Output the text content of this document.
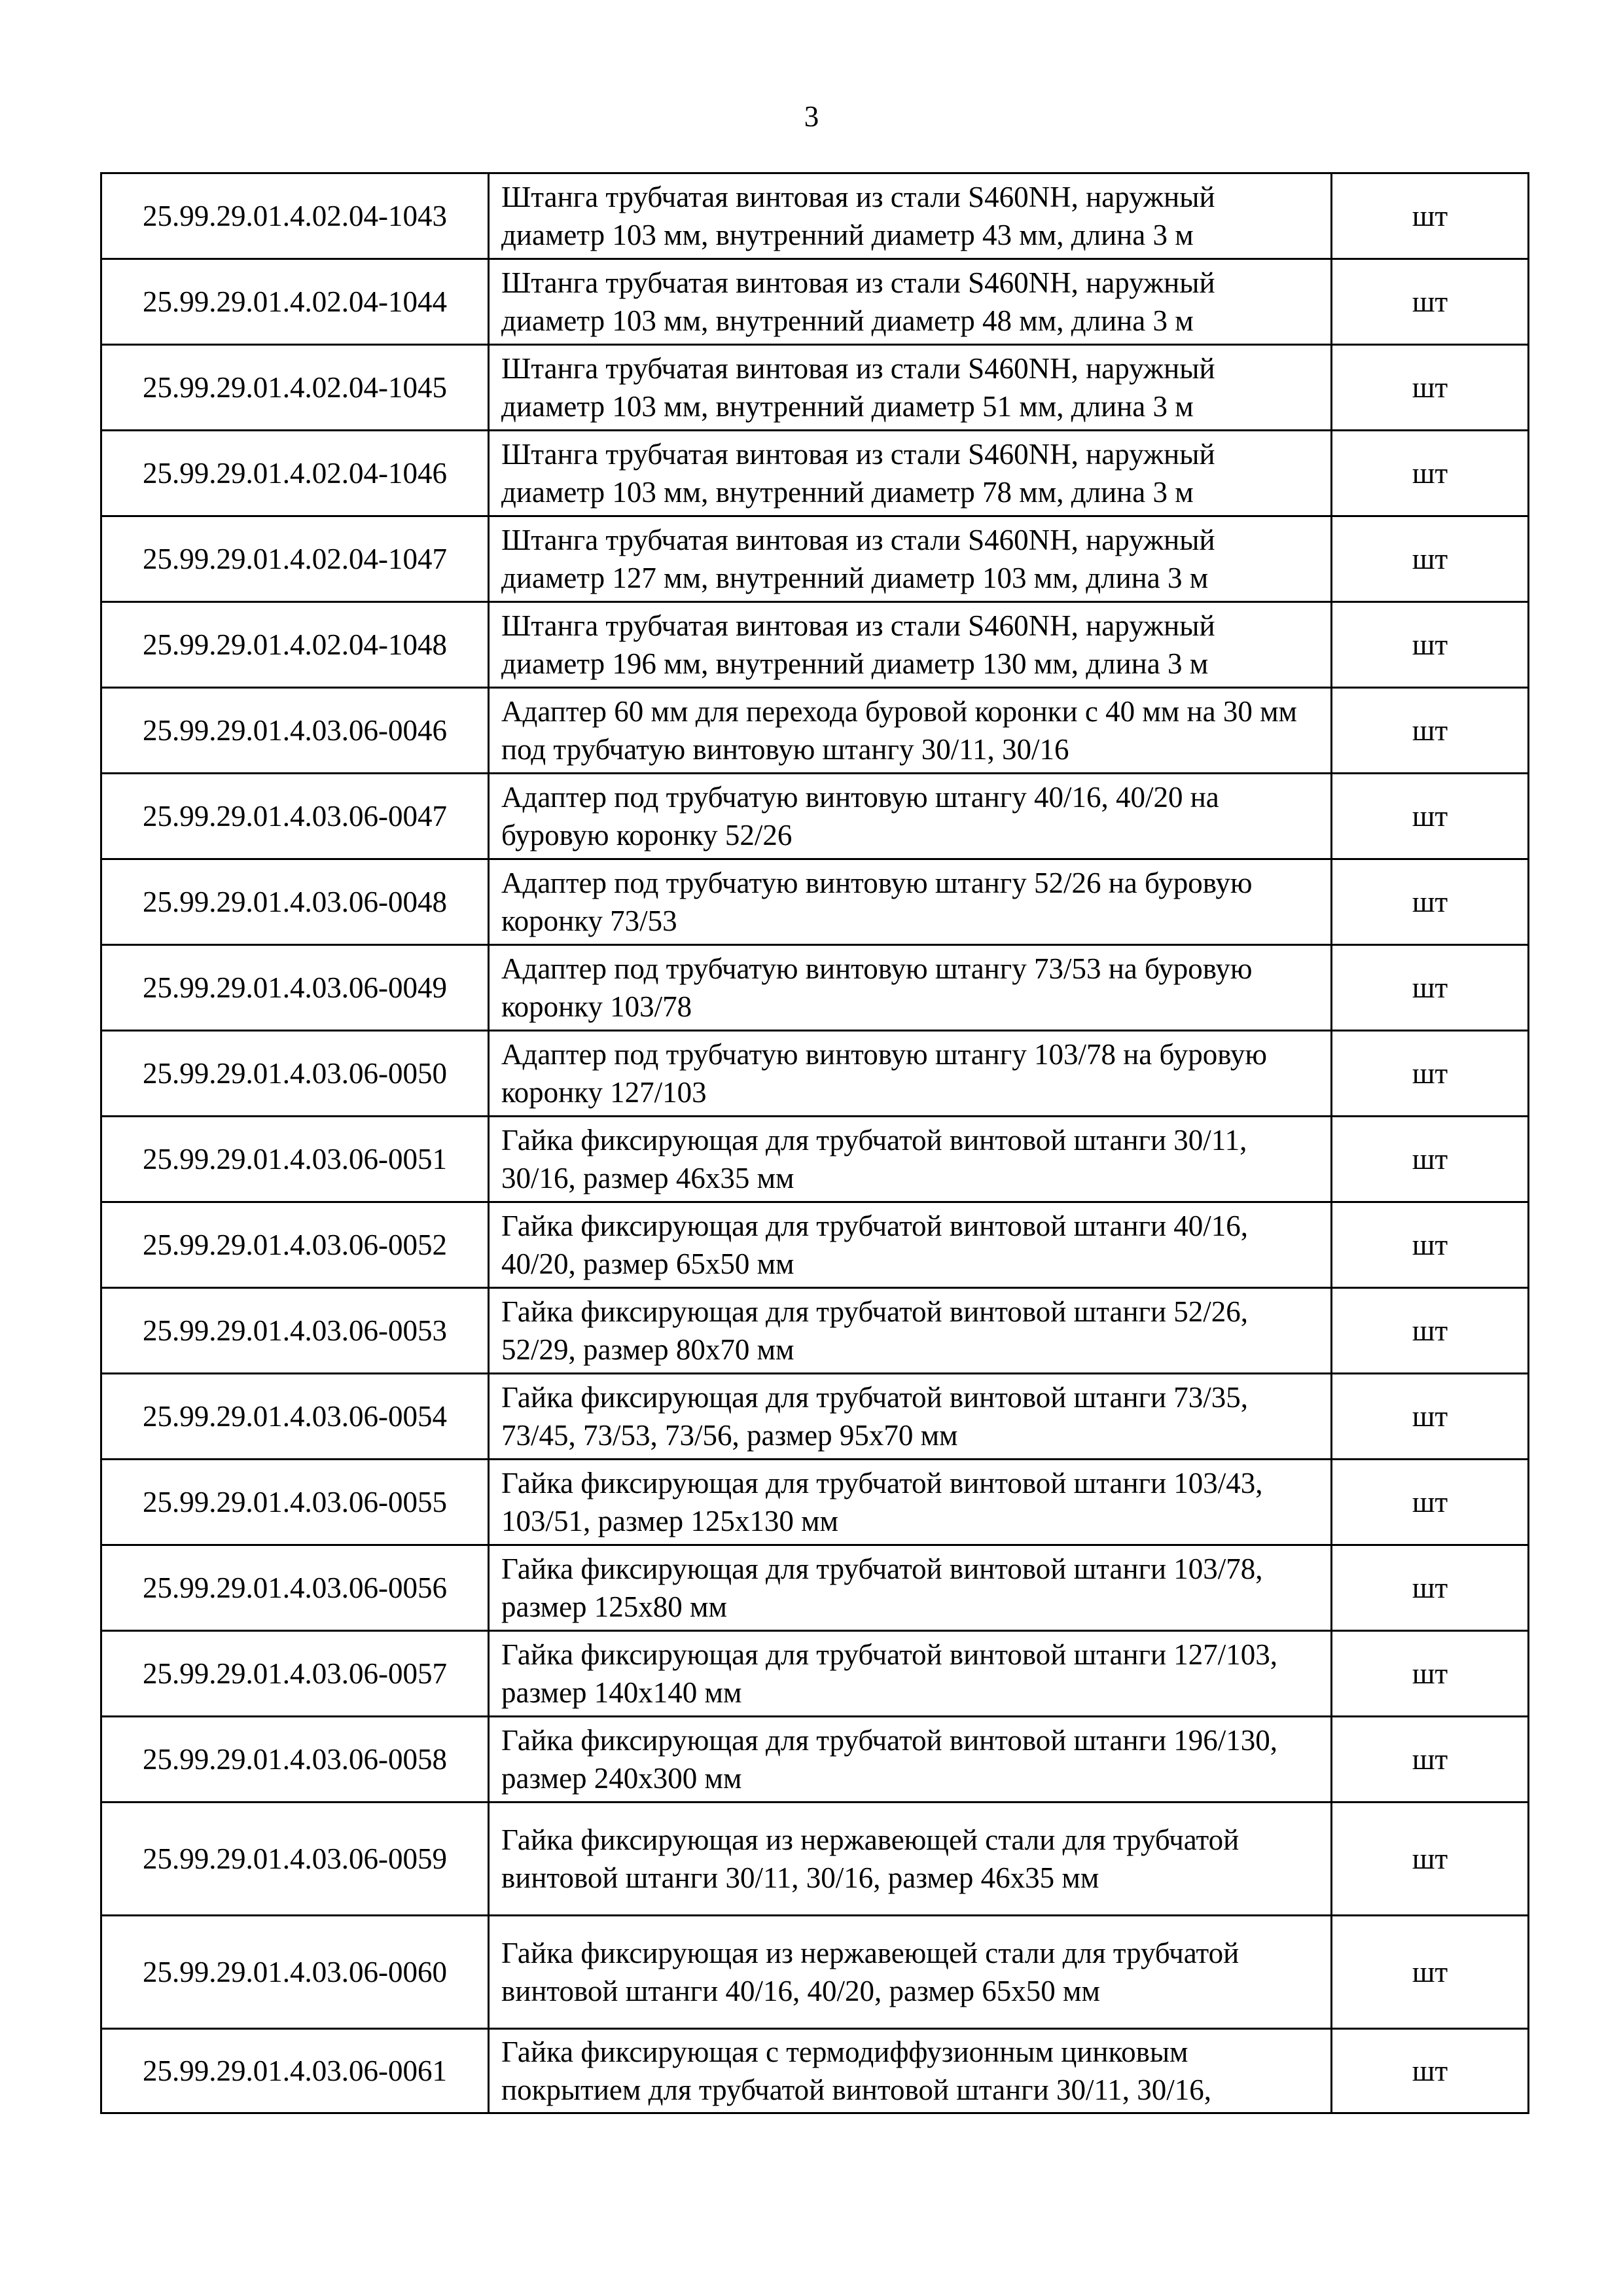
3
25.99.29.01.4.02.04-1043	Штанга трубчатая винтовая из стали S460NH, наружный диаметр 103 мм, внутренний диаметр 43 мм, длина 3 м	шт
25.99.29.01.4.02.04-1044	Штанга трубчатая винтовая из стали S460NH, наружный диаметр 103 мм, внутренний диаметр 48 мм, длина 3 м	шт
25.99.29.01.4.02.04-1045	Штанга трубчатая винтовая из стали S460NH, наружный диаметр 103 мм, внутренний диаметр 51 мм, длина 3 м	шт
25.99.29.01.4.02.04-1046	Штанга трубчатая винтовая из стали S460NH, наружный диаметр 103 мм, внутренний диаметр 78 мм, длина 3 м	шт
25.99.29.01.4.02.04-1047	Штанга трубчатая винтовая из стали S460NH, наружный диаметр 127 мм, внутренний диаметр 103 мм, длина 3 м	шт
25.99.29.01.4.02.04-1048	Штанга трубчатая винтовая из стали S460NH, наружный диаметр 196 мм, внутренний диаметр 130 мм, длина 3 м	шт
25.99.29.01.4.03.06-0046	Адаптер 60 мм для перехода буровой коронки с 40 мм на 30 мм под трубчатую винтовую штангу 30/11, 30/16	шт
25.99.29.01.4.03.06-0047	Адаптер под трубчатую винтовую штангу 40/16, 40/20 на буровую коронку 52/26	шт
25.99.29.01.4.03.06-0048	Адаптер под трубчатую винтовую штангу 52/26 на буровую коронку 73/53	шт
25.99.29.01.4.03.06-0049	Адаптер под трубчатую винтовую штангу 73/53 на буровую коронку 103/78	шт
25.99.29.01.4.03.06-0050	Адаптер под трубчатую винтовую штангу 103/78 на буровую коронку 127/103	шт
25.99.29.01.4.03.06-0051	Гайка фиксирующая для трубчатой винтовой штанги 30/11, 30/16, размер 46х35 мм	шт
25.99.29.01.4.03.06-0052	Гайка фиксирующая для трубчатой винтовой штанги 40/16, 40/20, размер 65х50 мм	шт
25.99.29.01.4.03.06-0053	Гайка фиксирующая для трубчатой винтовой штанги 52/26, 52/29, размер 80х70 мм	шт
25.99.29.01.4.03.06-0054	Гайка фиксирующая для трубчатой винтовой штанги 73/35, 73/45, 73/53, 73/56, размер 95х70 мм	шт
25.99.29.01.4.03.06-0055	Гайка фиксирующая для трубчатой винтовой штанги 103/43, 103/51, размер 125х130 мм	шт
25.99.29.01.4.03.06-0056	Гайка фиксирующая для трубчатой винтовой штанги 103/78, размер 125х80 мм	шт
25.99.29.01.4.03.06-0057	Гайка фиксирующая для трубчатой винтовой штанги 127/103, размер 140х140 мм	шт
25.99.29.01.4.03.06-0058	Гайка фиксирующая для трубчатой винтовой штанги 196/130, размер 240х300 мм	шт
25.99.29.01.4.03.06-0059	Гайка фиксирующая из нержавеющей стали для трубчатой винтовой штанги 30/11, 30/16, размер 46х35 мм	шт
25.99.29.01.4.03.06-0060	Гайка фиксирующая из нержавеющей стали для трубчатой винтовой штанги 40/16, 40/20, размер 65х50 мм	шт
25.99.29.01.4.03.06-0061	Гайка фиксирующая с термодиффузионным цинковым покрытием для трубчатой винтовой штанги 30/11, 30/16,	шт
